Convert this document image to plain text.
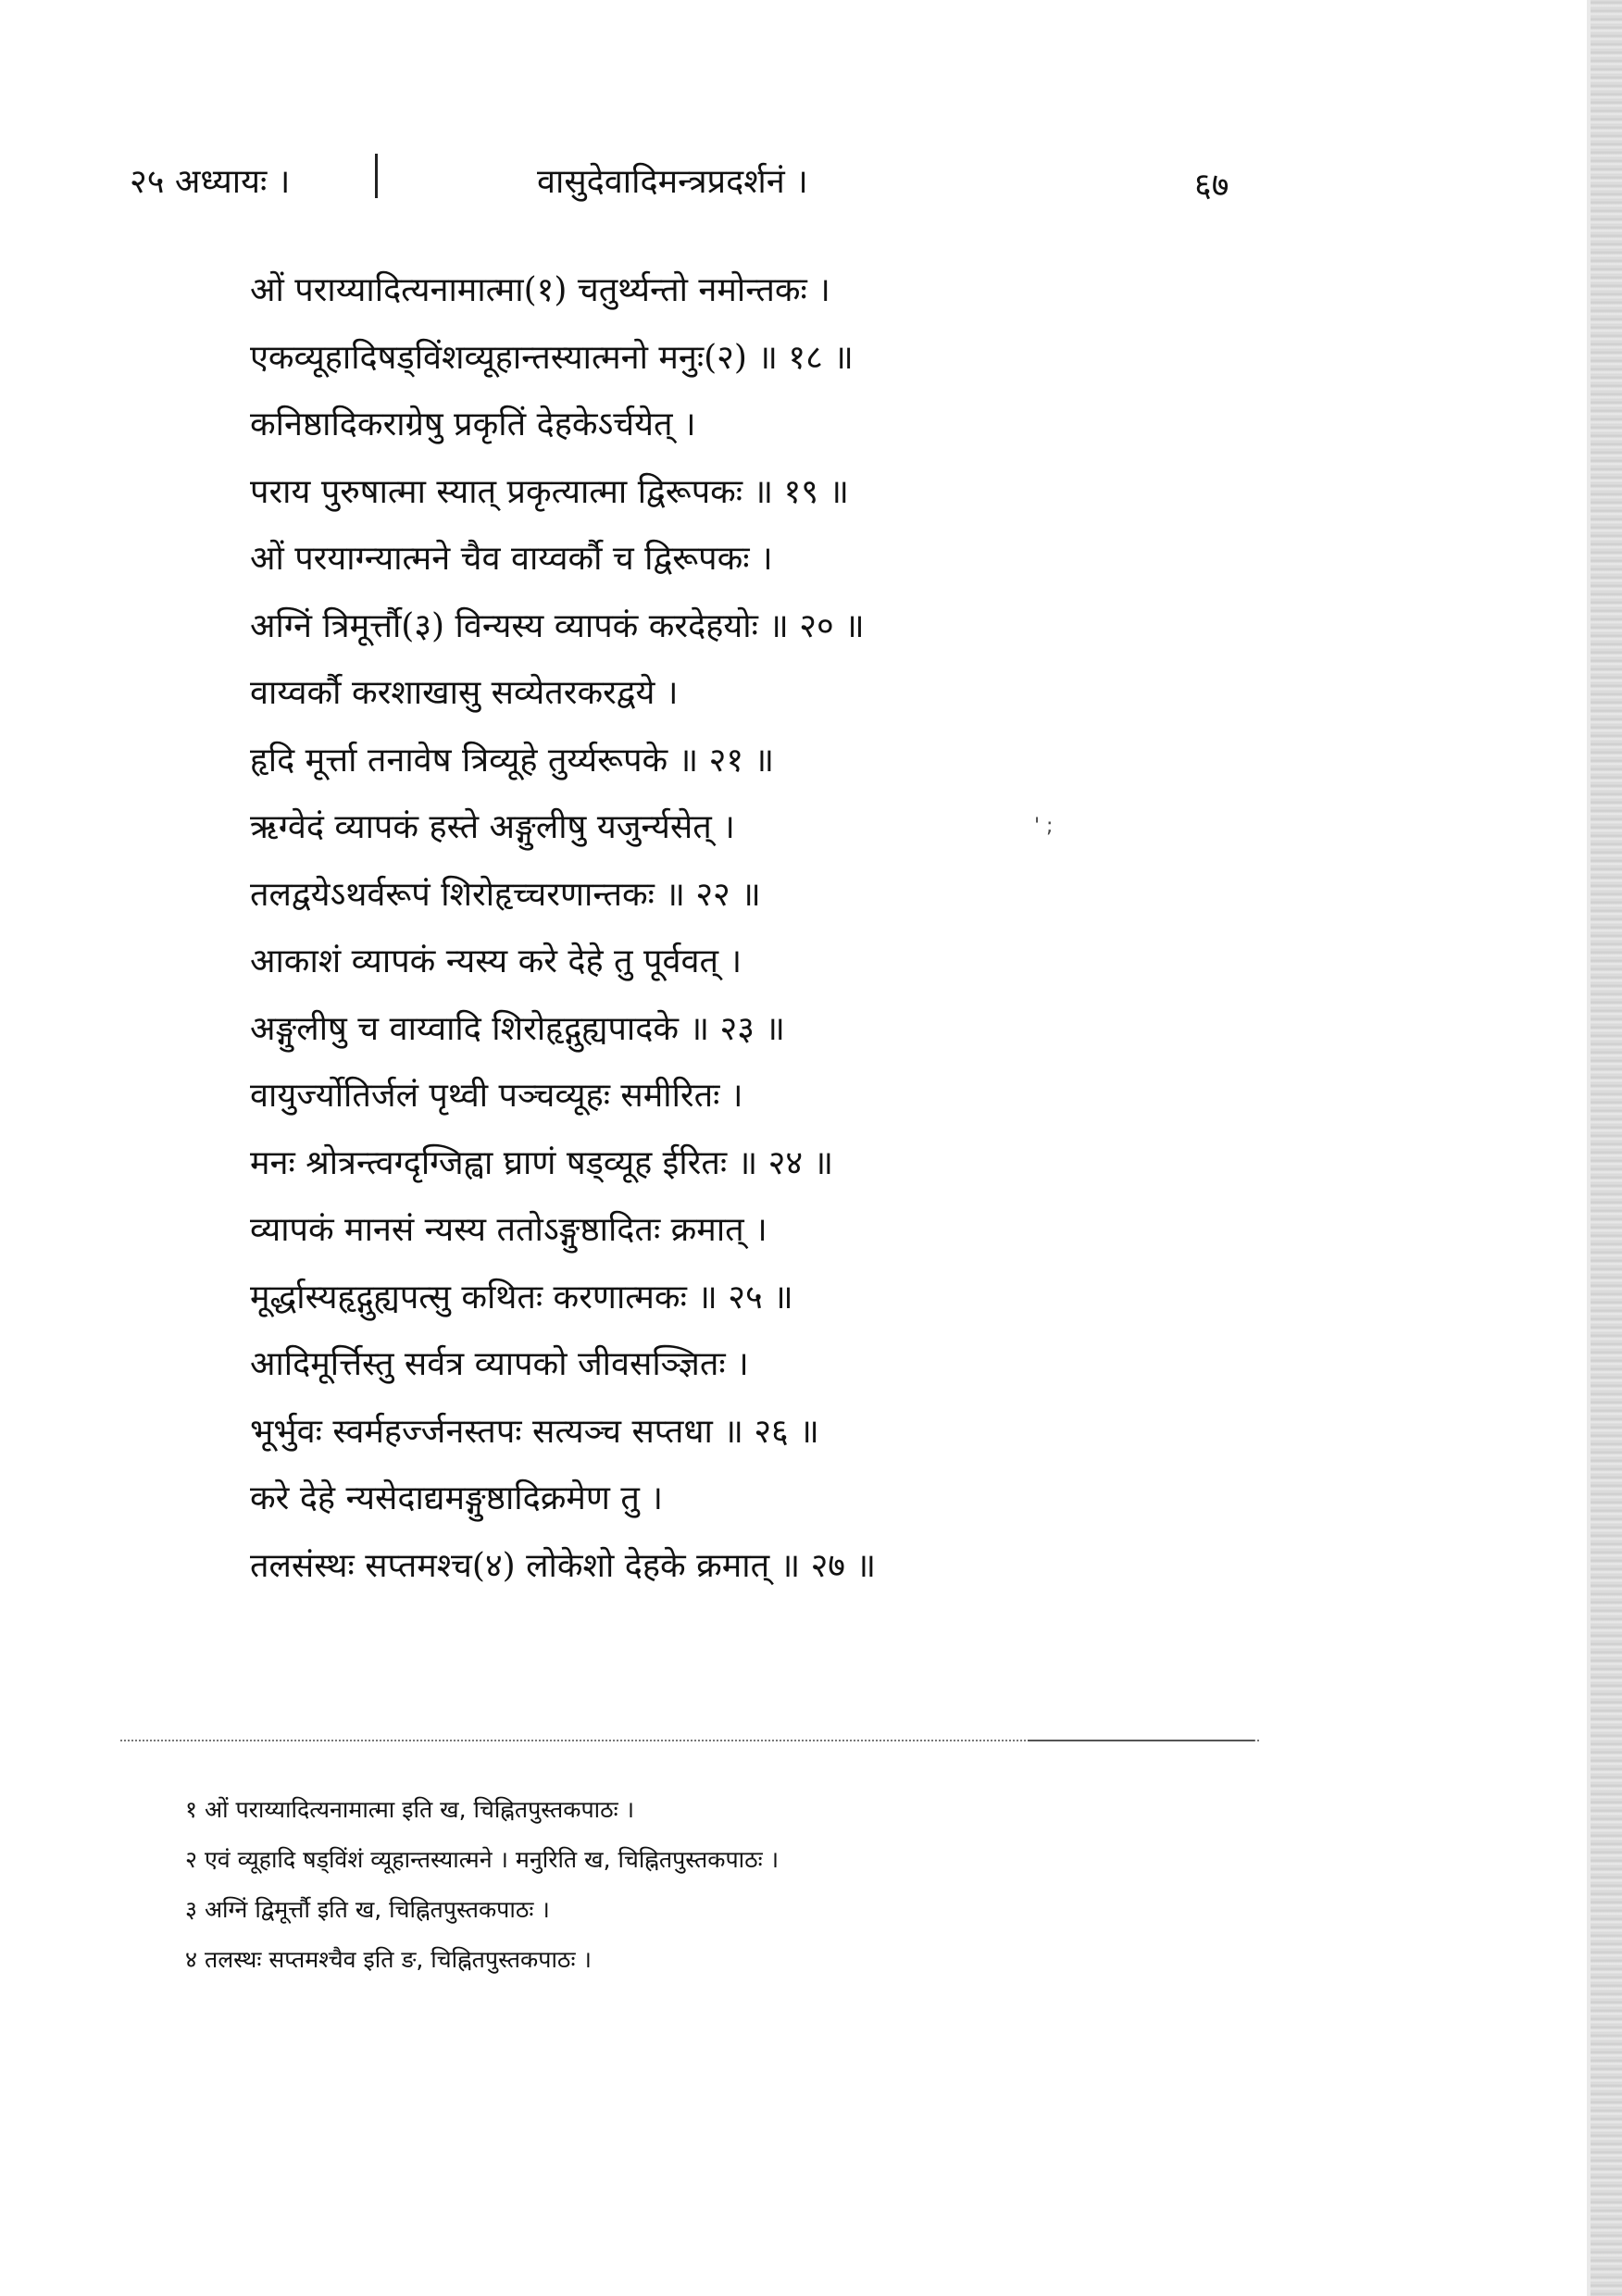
२५ अध्यायः ।	वासुदेवादिमन्त्रप्रदर्शनं ।	६७
ओं पराय्यादित्यनामात्मा(१) चतुर्थ्यन्तो नमोन्तकः ।
एकव्यूहादिषड्विंशव्यूहान्तस्यात्मनो मनुः(२) ॥ १८ ॥
कनिष्ठादिकराग्रेषु प्रकृतिं देहकेऽर्चयेत् ।
पराय पुरुषात्मा स्यात् प्रकृत्यात्मा द्विरूपकः ॥ १९ ॥
ओं परयाग्न्यात्मने चैव वाय्वर्कौ च द्विरूपकः ।
अग्निं त्रिमूर्त्तौ(३) विन्यस्य व्यापकं करदेहयोः ॥ २० ॥
वाय्वर्कौ करशाखासु सव्येतरकरद्वये ।
हृदि मूर्त्ता तनावेष त्रिव्यूहे तुर्य्यरूपके ॥ २१ ॥
ऋग्वेदं व्यापकं हस्ते अङ्गुलीषु यजुर्न्यसेत् ।
तलद्वयेऽथर्वरूपं शिरोहृच्चरणान्तकः ॥ २२ ॥
आकाशं व्यापकं न्यस्य करे देहे तु पूर्ववत् ।
अङ्गुलीषु च वाय्वादि शिरोहृद्गुह्यपादके ॥ २३ ॥
वायुर्ज्योतिर्जलं पृथ्वी पञ्चव्यूहः समीरितः ।
मनः श्रोत्रन्त्वग्दृग्जिह्वा घ्राणं षड्व्यूह ईरितः ॥ २४ ॥
व्यापकं मानसं न्यस्य ततोऽङ्गुष्ठादितः क्रमात् ।
मूर्द्धास्यहृद्गुह्यपत्सु कथितः करणात्मकः ॥ २५ ॥
आदिमूर्त्तिस्तु सर्वत्र व्यापको जीवसञ्ज्ञितः ।
भूर्भुवः स्वर्महर्ज्जनस्तपः सत्यञ्च सप्तधा ॥ २६ ॥
करे देहे न्यसेदाद्यमङ्गुष्ठादिक्रमेण तु ।
तलसंस्थः सप्तमश्च(४) लोकेशो देहके क्रमात् ॥ २७ ॥
' ;
१ ओं पराय्यादित्यनामात्मा इति ख, चिह्नितपुस्तकपाठः ।
२ एवं व्यूहादि षड्विंशं व्यूहान्तस्यात्मने । मनुरिति ख, चिह्नितपुस्तकपाठः ।
३ अग्निं द्विमूर्त्तौ इति ख, चिह्नितपुस्तकपाठः ।
४ तलस्थः सप्तमश्चैव इति ङ, चिह्नितपुस्तकपाठः ।
